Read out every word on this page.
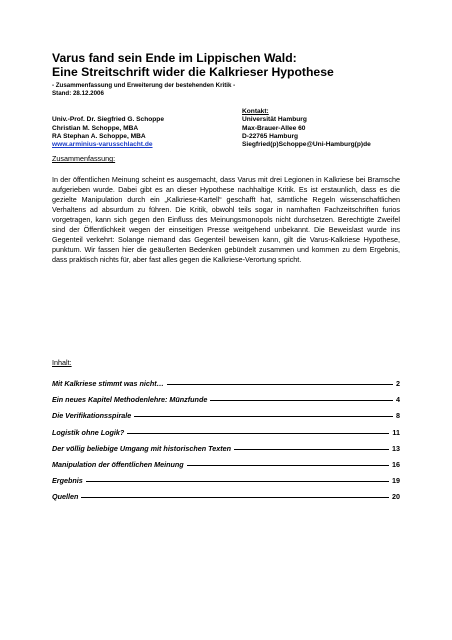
Varus fand sein Ende im Lippischen Wald:
Eine Streitschrift wider die Kalkrieser Hypothese
- Zusammenfassung und Erweiterung der bestehenden Kritik -
Stand: 28.12.2006
Univ.-Prof. Dr. Siegfried G. Schoppe
Christian M. Schoppe, MBA
RA Stephan A. Schoppe, MBA
www.arminius-varusschlacht.de
Kontakt:
Universität Hamburg
Max-Brauer-Allee 60
D-22765 Hamburg
Siegfried(p)Schoppe@Uni-Hamburg(p)de
Zusammenfassung:
In der öffentlichen Meinung scheint es ausgemacht, dass Varus mit drei Legionen in Kalkriese bei Bramsche aufgerieben wurde. Dabei gibt es an dieser Hypothese nachhaltige Kritik. Es ist erstaunlich, dass es die gezielte Manipulation durch ein „Kalkriese-Kartell“ geschafft hat, sämtliche Regeln wissenschaftlichen Verhaltens ad absurdum zu führen. Die Kritik, obwohl teils sogar in namhaften Fachzeitschriften furios vorgetragen, kann sich gegen den Einfluss des Meinungsmonopols nicht durchsetzen. Berechtigte Zweifel sind der Öffentlichkeit wegen der einseitigen Presse weitgehend unbekannt. Die Beweislast wurde ins Gegenteil verkehrt: Solange niemand das Gegenteil beweisen kann, gilt die Varus-Kalkriese Hypothese, punktum. Wir fassen hier die geäußerten Bedenken gebündelt zusammen und kommen zu dem Ergebnis, dass praktisch nichts für, aber fast alles gegen die Kalkriese-Verortung spricht.
Inhalt:
Mit Kalkriese stimmt was nicht…	2
Ein neues Kapitel Methodenlehre: Münzfunde	4
Die Verifikationsspirale	8
Logistik ohne Logik?	11
Der völlig beliebige Umgang mit historischen Texten	13
Manipulation der öffentlichen Meinung	16
Ergebnis	19
Quellen	20
